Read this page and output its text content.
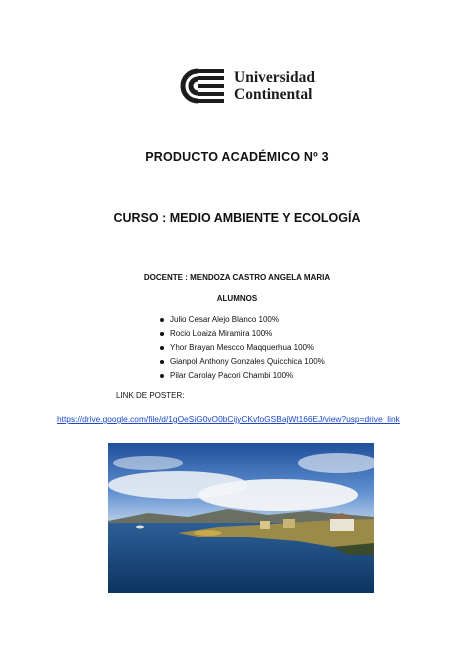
Universidad
Continental
PRODUCTO ACADÉMICO Nº 3
CURSO : MEDIO AMBIENTE Y ECOLOGÍA
DOCENTE : MENDOZA CASTRO ANGELA MARIA
ALUMNOS
Julio Cesar Alejo Blanco 100%
Rocio Loaiza Miramira 100%
Yhor Brayan Mescco Maqquerhua 100%
Gianpol Anthony Gonzales Quicchica 100%
Pilar Carolay Pacori Chambi 100%
LINK DE POSTER:
https://drive.google.com/file/d/1gOeSiG0vO0bCijyCKvfoGSBajWt166EJ/view?usp=drive_link
